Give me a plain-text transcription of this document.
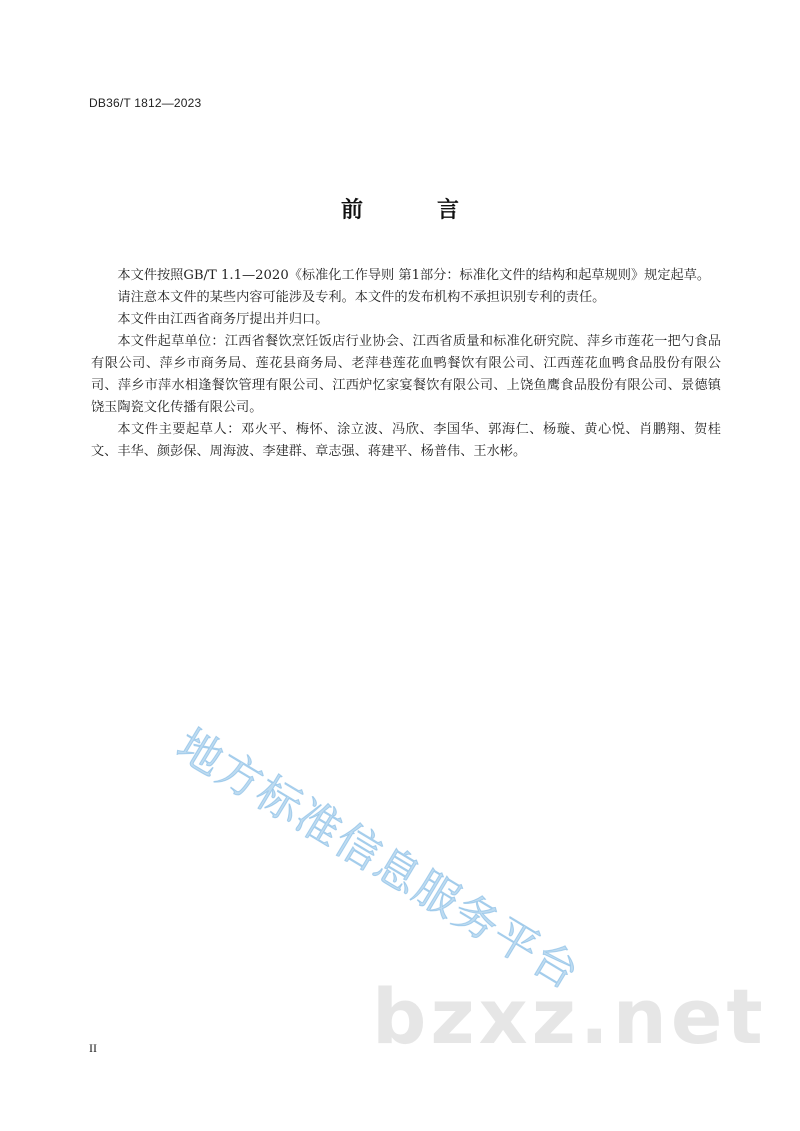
DB36/T 1812—2023
前　言

本文件按照GB/T 1.1—2020《标准化工作导则 第1部分：标准化文件的结构和起草规则》规定起草。

请注意本文件的某些内容可能涉及专利。本文件的发布机构不承担识别专利的责任。

本文件由江西省商务厅提出并归口。

本文件起草单位：江西省餐饮烹饪饭店行业协会、江西省质量和标准化研究院、萍乡市莲花一把勺食品有限公司、萍乡市商务局、莲花县商务局、老萍巷莲花血鸭餐饮有限公司、江西莲花血鸭食品股份有限公司、萍乡市萍水相逢餐饮管理有限公司、江西炉忆家宴餐饮有限公司、上饶鱼鹰食品股份有限公司、景德镇饶玉陶瓷文化传播有限公司。

本文件主要起草人：邓火平、梅怀、涂立波、冯欣、李国华、郭海仁、杨璇、黄心悦、肖鹏翔、贺桂文、丰华、颜彭保、周海波、李建群、章志强、蒋建平、杨普伟、王水彬。

地方标准信息服务平台
bzxz.net
II
